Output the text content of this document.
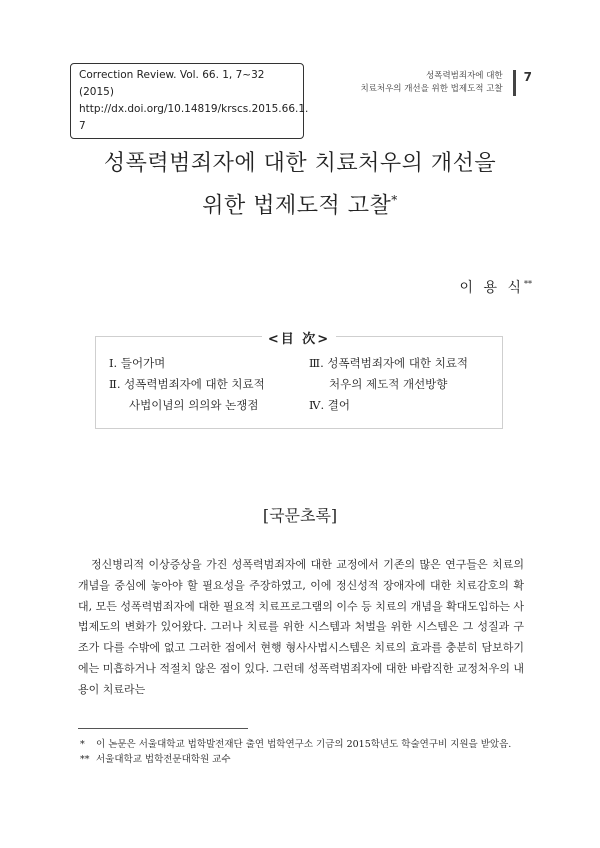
Correction Review. Vol. 66. 1, 7~32 (2015)
http://dx.doi.org/10.14819/krscs.2015.66.1. 7
성폭력범죄자에 대한
치료처우의 개선을 위한 법제도적 고찰
7
성폭력범죄자에 대한 치료처우의 개선을
위한 법제도적 고찰*
이 용 식**
<目 次>
Ⅰ. 들어가며
Ⅱ. 성폭력범죄자에 대한 치료적
사법이념의 의의와 논쟁점
Ⅲ. 성폭력범죄자에 대한 치료적
처우의 제도적 개선방향
Ⅳ. 결어
[국문초록]

정신병리적 이상증상을 가진 성폭력범죄자에 대한 교정에서 기존의 많은 연구들은 치료의 개념을 중심에 놓아야 할 필요성을 주장하였고, 이에 정신성적 장애자에 대한 치료감호의 확대, 모든 성폭력범죄자에 대한 필요적 치료프로그램의 이수 등 치료의 개념을 확대도입하는 사법제도의 변화가 있어왔다. 그러나 치료를 위한 시스템과 처벌을 위한 시스템은 그 성질과 구조가 다를 수밖에 없고 그러한 점에서 현행 형사사법시스템은 치료의 효과를 충분히 담보하기에는 미흡하거나 적절치 않은 점이 있다. 그런데 성폭력범죄자에 대한 바람직한 교정처우의 내용이 치료라는

*	이 논문은 서울대학교 법학발전재단 출연 법학연구소 기금의 2015학년도 학술연구비 지원을 받았음.
** 서울대학교 법학전문대학원 교수
